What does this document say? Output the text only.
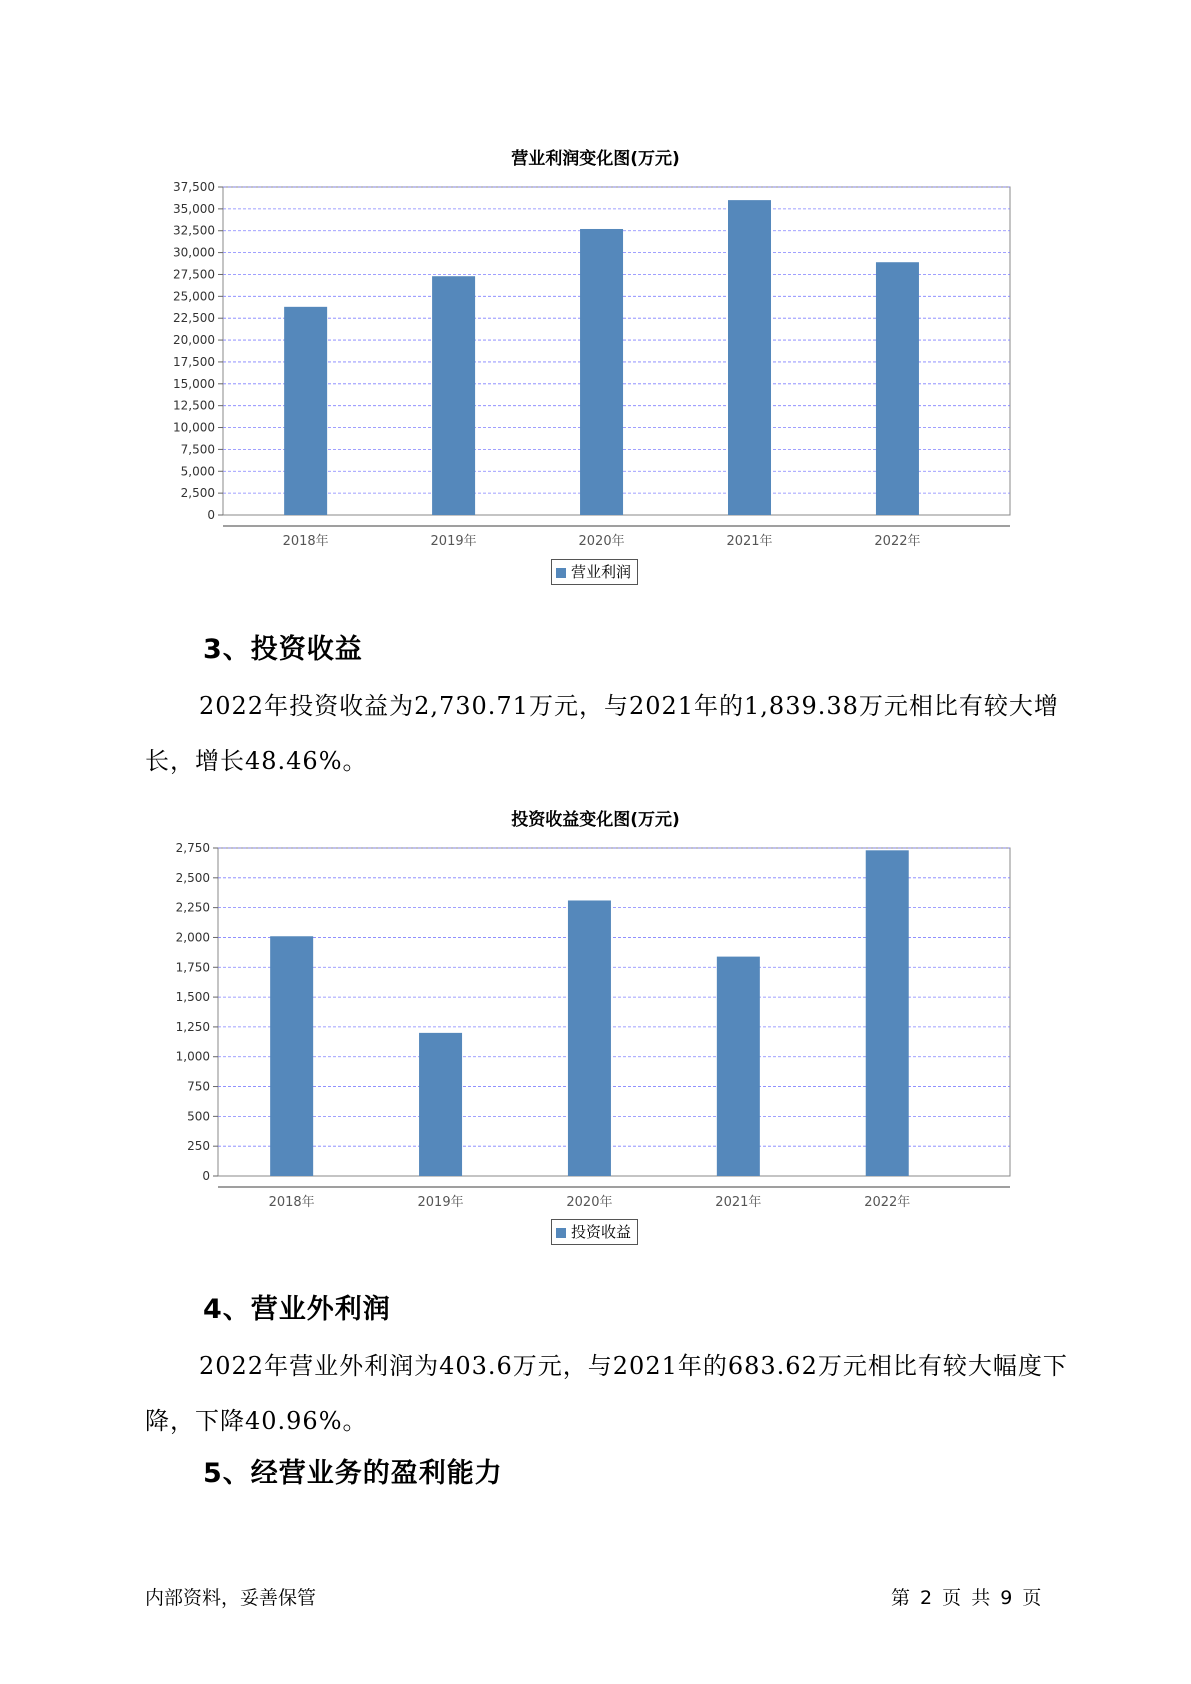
营业利润变化图(万元)
0
2,500
5,000
7,500
10,000
12,500
15,000
17,500
20,000
22,500
25,000
27,500
30,000
32,500
35,000
37,500
2018年	2019年	2020年	2021年	2022年
营业利润
3、投资收益
2022年投资收益为2,730.71万元，与2021年的1,839.38万元相比有较大增长，增长48.46%。
投资收益变化图(万元)
0
250
500
750
1,000
1,250
1,500
1,750
2,000
2,250
2,500
2,750
2018年	2019年	2020年	2021年	2022年
投资收益
4、营业外利润
2022年营业外利润为403.6万元，与2021年的683.62万元相比有较大幅度下降，下降40.96%。
5、经营业务的盈利能力
内部资料，妥善保管	第 2 页 共 9 页
